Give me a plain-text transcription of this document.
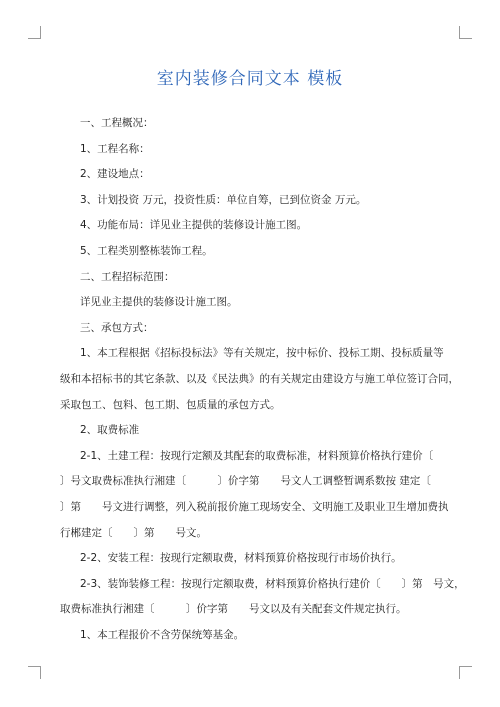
室内装修合同文本 模板
一、工程概况：
1、工程名称：
2、建设地点：
3、计划投资 万元，投资性质：单位自筹，已到位资金 万元。
4、功能布局：详见业主提供的装修设计施工图。
5、工程类别整栋装饰工程。
二、工程招标范围：
详见业主提供的装修设计施工图。
三、承包方式：
1、本工程根据《招标投标法》等有关规定，按中标价、投标工期、投标质量等
级和本招标书的其它条款、以及《民法典》的有关规定由建设方与施工单位签订合同，
采取包工、包料、包工期、包质量的承包方式。
2、取费标准
2-1、土建工程：按现行定额及其配套的取费标准，材料预算价格执行建价〔
〕号文取费标准执行湘建〔　　　〕价字第　　号文人工调整暂调系数按 建定〔
〕第　　号文进行调整，列入税前报价施工现场安全、文明施工及职业卫生增加费执
行郴建定〔　　〕第　　号文。
2-2、安装工程：按现行定额取费，材料预算价格按现行市场价执行。
2-3、装饰装修工程：按现行定额取费，材料预算价格执行建价〔　　〕第　号文，
取费标准执行湘建〔　　　〕价字第　　号文以及有关配套文件规定执行。
1、本工程报价不含劳保统筹基金。
